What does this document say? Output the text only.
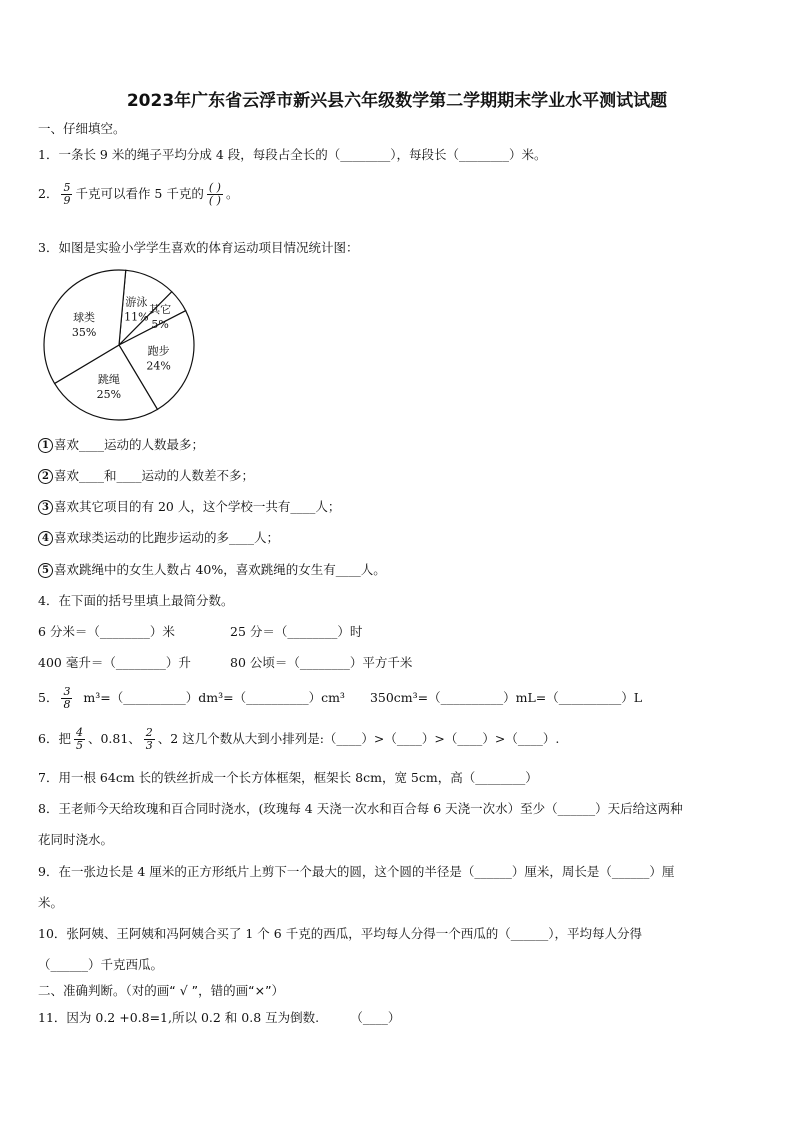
2023年广东省云浮市新兴县六年级数学第二学期期末学业水平测试试题
一、仔细填空。
1．一条长 9 米的绳子平均分成 4 段，每段占全长的（________），每段长（________）米。
2． $\frac{5}{9}$ 千克可以看作 5 千克的 $\frac{( )}{( )}$ 。
3．如图是实验小学学生喜欢的体育运动项目情况统计图：
游泳
11%
其它
5%
跑步
24%
跳绳
25%
球类
35%
1 喜欢____运动的人数最多；
2 喜欢____和____运动的人数差不多；
3 喜欢其它项目的有 20 人，这个学校一共有____人；
4 喜欢球类运动的比跑步运动的多____人；
5 喜欢跳绳中的女生人数占 40%，喜欢跳绳的女生有____人。
4．在下面的括号里填上最简分数。
6 分米＝（________）米	25 分＝（________）时
400 毫升＝（________）升	80 公顷＝（________）平方千米
5． $\frac{3}{8}$ m³=（__________）dm³=（__________）cm³　　350cm³=（__________）mL=（__________）L
6．把 $\frac{4}{5}$ 、0.81、 $\frac{2}{3}$ 、2 这几个数从大到小排列是:（____）>（____）>（____）>（____）.
7．用一根 64cm 长的铁丝折成一个长方体框架，框架长 8cm，宽 5cm，高（________）
8．王老师今天给玫瑰和百合同时浇水，(玫瑰每 4 天浇一次水和百合每 6 天浇一次水）至少（______）天后给这两种
花同时浇水。
9．在一张边长是 4 厘米的正方形纸片上剪下一个最大的圆，这个圆的半径是（______）厘米，周长是（______）厘
米。
10．张阿姨、王阿姨和冯阿姨合买了 1 个 6 千克的西瓜，平均每人分得一个西瓜的（______），平均每人分得
（______）千克西瓜。
二、准确判断。（对的画“ √ ”，错的画“×”）
11．因为 0.2 +0.8=1,所以 0.2 和 0.8 互为倒数.　　　（____）
